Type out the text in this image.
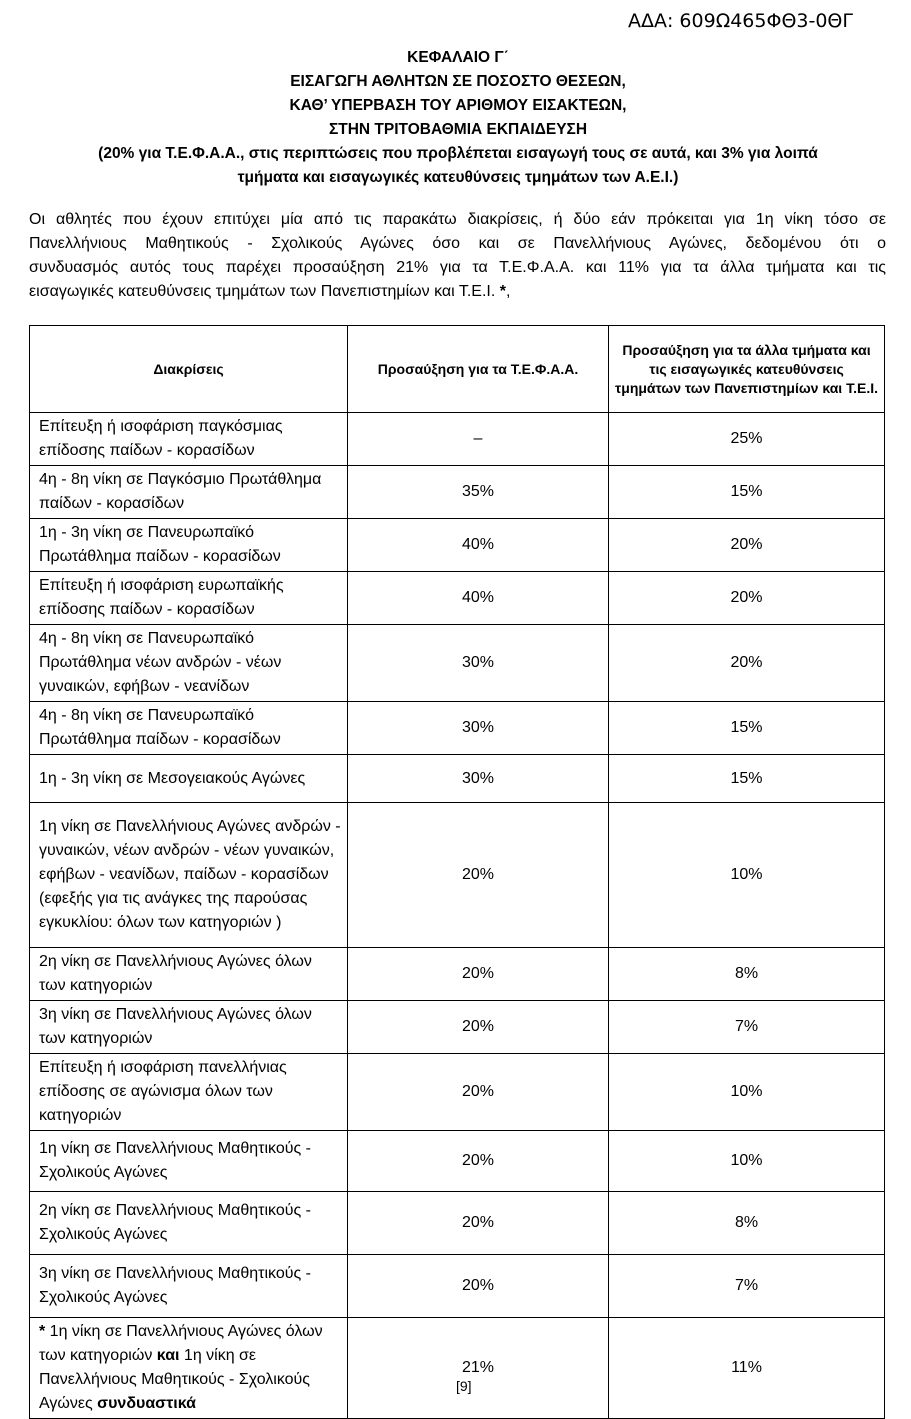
ΑΔΑ: 609Ω465ΦΘ3-0ΘΓ
ΚΕΦΑΛΑΙΟ Γ΄
ΕΙΣΑΓΩΓΗ ΑΘΛΗΤΩΝ ΣΕ ΠΟΣΟΣΤΟ ΘΕΣΕΩΝ,
ΚΑΘ’ ΥΠΕΡΒΑΣΗ ΤΟΥ ΑΡΙΘΜΟΥ ΕΙΣΑΚΤΕΩΝ,
ΣΤΗΝ ΤΡΙΤΟΒΑΘΜΙΑ ΕΚΠΑΙΔΕΥΣΗ
(20% για Τ.Ε.Φ.Α.Α., στις περιπτώσεις που προβλέπεται εισαγωγή τους σε αυτά, και 3% για λοιπά
τμήματα και εισαγωγικές κατευθύνσεις τμημάτων των Α.Ε.Ι.)
Οι αθλητές που έχουν επιτύχει μία από τις παρακάτω διακρίσεις, ή δύο εάν πρόκειται για 1η νίκη τόσο σε
Πανελλήνιους Μαθητικούς - Σχολικούς Αγώνες όσο και σε Πανελλήνιους Αγώνες, δεδομένου ότι ο
συνδυασμός αυτός τους παρέχει προσαύξηση 21% για τα Τ.Ε.Φ.Α.Α. και 11% για τα άλλα τμήματα και τις
εισαγωγικές κατευθύνσεις τμημάτων των Πανεπιστημίων και Τ.Ε.Ι. *,
Διακρίσεις	Προσαύξηση για τα Τ.Ε.Φ.Α.Α.	Προσαύξηση για τα άλλα τμήματα και τις εισαγωγικές κατευθύνσεις τμημάτων των Πανεπιστημίων και Τ.Ε.Ι.
Επίτευξη ή ισοφάριση παγκόσμιας επίδοσης παίδων - κορασίδων	–	25%
4η - 8η νίκη σε Παγκόσμιο Πρωτάθλημα παίδων - κορασίδων	35%	15%
1η - 3η νίκη σε Πανευρωπαϊκό Πρωτάθλημα παίδων - κορασίδων	40%	20%
Επίτευξη ή ισοφάριση ευρωπαϊκής επίδοσης παίδων - κορασίδων	40%	20%
4η - 8η νίκη σε Πανευρωπαϊκό Πρωτάθλημα νέων ανδρών - νέων γυναικών, εφήβων - νεανίδων	30%	20%
4η - 8η νίκη σε Πανευρωπαϊκό Πρωτάθλημα παίδων - κορασίδων	30%	15%
1η - 3η νίκη σε Μεσογειακούς Αγώνες	30%	15%
1η νίκη σε Πανελλήνιους Αγώνες ανδρών - γυναικών, νέων ανδρών - νέων γυναικών, εφήβων - νεανίδων, παίδων - κορασίδων (εφεξής για τις ανάγκες της παρούσας εγκυκλίου: όλων των κατηγοριών )	20%	10%
2η νίκη σε Πανελλήνιους Αγώνες όλων των κατηγοριών	20%	8%
3η νίκη σε Πανελλήνιους Αγώνες όλων των κατηγοριών	20%	7%
Επίτευξη ή ισοφάριση πανελλήνιας επίδοσης σε αγώνισμα όλων των κατηγοριών	20%	10%
1η νίκη σε Πανελλήνιους Μαθητικούς - Σχολικούς Αγώνες	20%	10%
2η νίκη σε Πανελλήνιους Μαθητικούς - Σχολικούς Αγώνες	20%	8%
3η νίκη σε Πανελλήνιους Μαθητικούς - Σχολικούς Αγώνες	20%	7%
* 1η νίκη σε Πανελλήνιους Αγώνες όλων των κατηγοριών και 1η νίκη σε Πανελλήνιους Μαθητικούς - Σχολικούς Αγώνες συνδυαστικά	21%	11%
[9]
